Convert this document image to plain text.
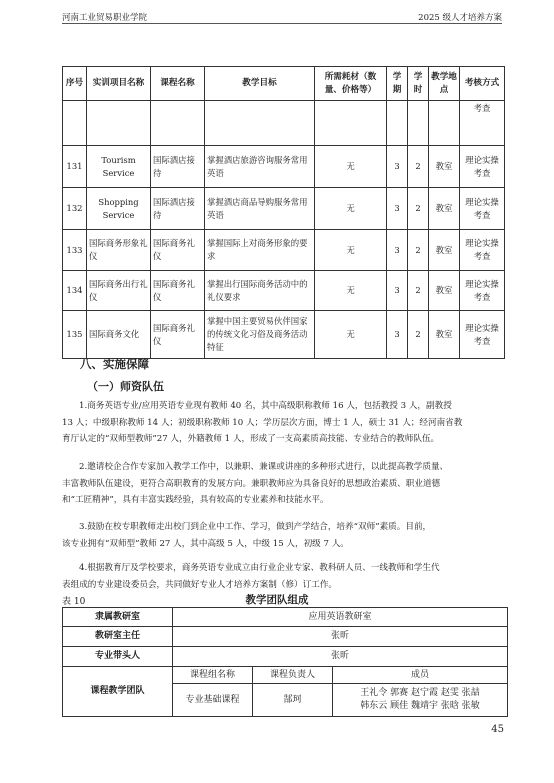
河南工业贸易职业学院	2025 级人才培养方案
序号	实训项目名称	课程名称	教学目标	所需耗材（数量、价格等）	学期	学时	教学地点	考核方式
								考查
131	Tourism Service	国际酒店接待	掌握酒店旅游咨询服务常用英语	无	3	2	教室	理论实操考查
132	Shopping Service	国际酒店接待	掌握酒店商品导购服务常用英语	无	3	2	教室	理论实操考查
133	国际商务形象礼仪	国际商务礼仪	掌握国际上对商务形象的要求	无	3	2	教室	理论实操考查
134	国际商务出行礼仪	国际商务礼仪	掌握出行国际商务活动中的礼仪要求	无	3	2	教室	理论实操考查
135	国际商务文化	国际商务礼仪	掌握中国主要贸易伙伴国家的传统文化习俗及商务活动特征	无	3	2	教室	理论实操考查
八、实施保障
（一）师资队伍
1.商务英语专业/应用英语专业现有教师 40 名，其中高级职称教师 16 人，包括教授 3 人，副教授
13 人；中级职称教师 14 人；初级职称教师 10 人；学历层次方面，博士 1 人，硕士 31 人；经河南省教
育厅认定的“双师型教师”27 人，外籍教师 1 人，形成了一支高素质高技能、专业结合的教师队伍。
2.邀请校企合作专家加入教学工作中，以兼职、兼课或讲座的多种形式进行，以此提高教学质量、
丰富教师队伍建设，更符合高职教育的发展方向。兼职教师应为具备良好的思想政治素质、职业道德
和“工匠精神”，具有丰富实践经验，具有较高的专业素养和技能水平。
3.鼓励在校专职教师走出校门到企业中工作、学习，做到产学结合，培养“双师”素质。目前，
该专业拥有“双师型”教师 27 人，其中高级 5 人，中级 15 人，初级 7 人。
4.根据教育厅及学校要求，商务英语专业成立由行业企业专家、教科研人员、一线教师和学生代
表组成的专业建设委员会，共同做好专业人才培养方案制（修）订工作。
教学团队组成
表 10
隶属教研室	应用英语教研室		
教研室主任	张昕		
专业带头人	张昕		
课程教学团队	课程组名称	课程负责人	成员
	专业基础课程	郜珂	王礼令 郭赛 赵宁霞 赵雯 张喆
韩东云 顾佳 魏靖宇 张晗 张敏
45
